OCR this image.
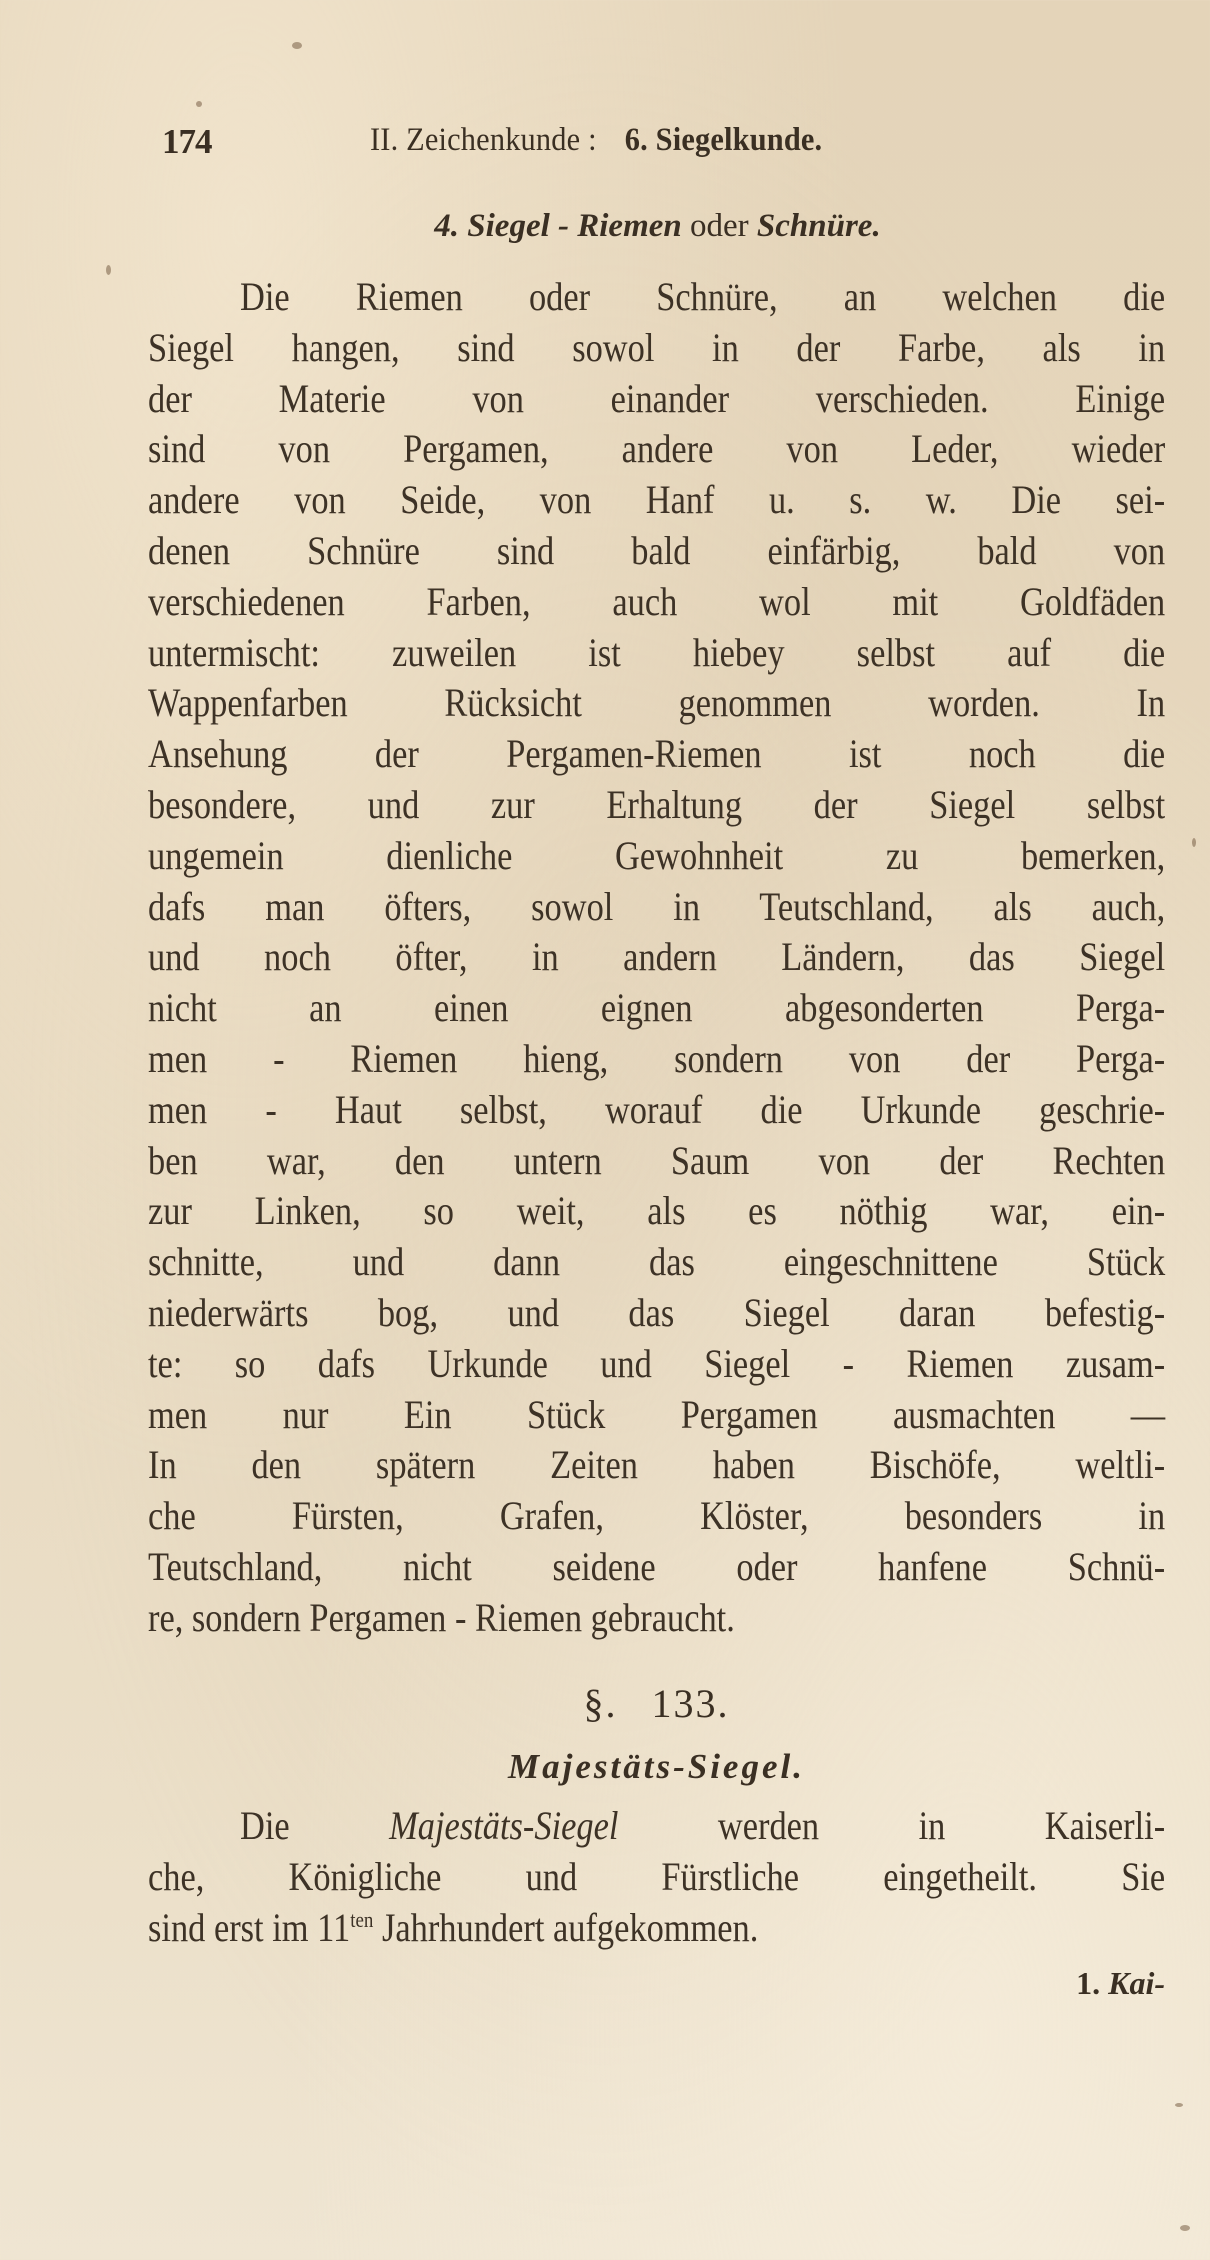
174	II. Zeichenkunde : 6. Siegelkunde.
4. Siegel - Riemen oder Schnüre.
Die Riemen oder Schnüre, an welchen die
Siegel hangen, sind sowol in der Farbe, als in
der Materie von einander verschieden. Einige
sind von Pergamen, andere von Leder, wieder
andere von Seide, von Hanf u. s. w. Die sei-
denen Schnüre sind bald einfärbig, bald von
verschiedenen Farben, auch wol mit Goldfäden
untermischt: zuweilen ist hiebey selbst auf die
Wappenfarben Rücksicht genommen worden. In
Ansehung der Pergamen-Riemen ist noch die
besondere, und zur Erhaltung der Siegel selbst
ungemein dienliche Gewohnheit zu bemerken,
dafs man öfters, sowol in Teutschland, als auch,
und noch öfter, in andern Ländern, das Siegel
nicht an einen eignen abgesonderten Perga-
men - Riemen hieng, sondern von der Perga-
men - Haut selbst, worauf die Urkunde geschrie-
ben war, den untern Saum von der Rechten
zur Linken, so weit, als es nöthig war, ein-
schnitte, und dann das eingeschnittene Stück
niederwärts bog, und das Siegel daran befestig-
te: so dafs Urkunde und Siegel - Riemen zusam-
men nur Ein Stück Pergamen ausmachten —
In den spätern Zeiten haben Bischöfe, weltli-
che Fürsten, Grafen, Klöster, besonders in
Teutschland, nicht seidene oder hanfene Schnü-
re, sondern Pergamen - Riemen gebraucht.
§. 133.
Majestäts-Siegel.
Die Majestäts-Siegel werden in Kaiserli-
che, Königliche und Fürstliche eingetheilt. Sie
sind erst im $11^{ten}$ Jahrhundert aufgekommen.
1. Kai-
